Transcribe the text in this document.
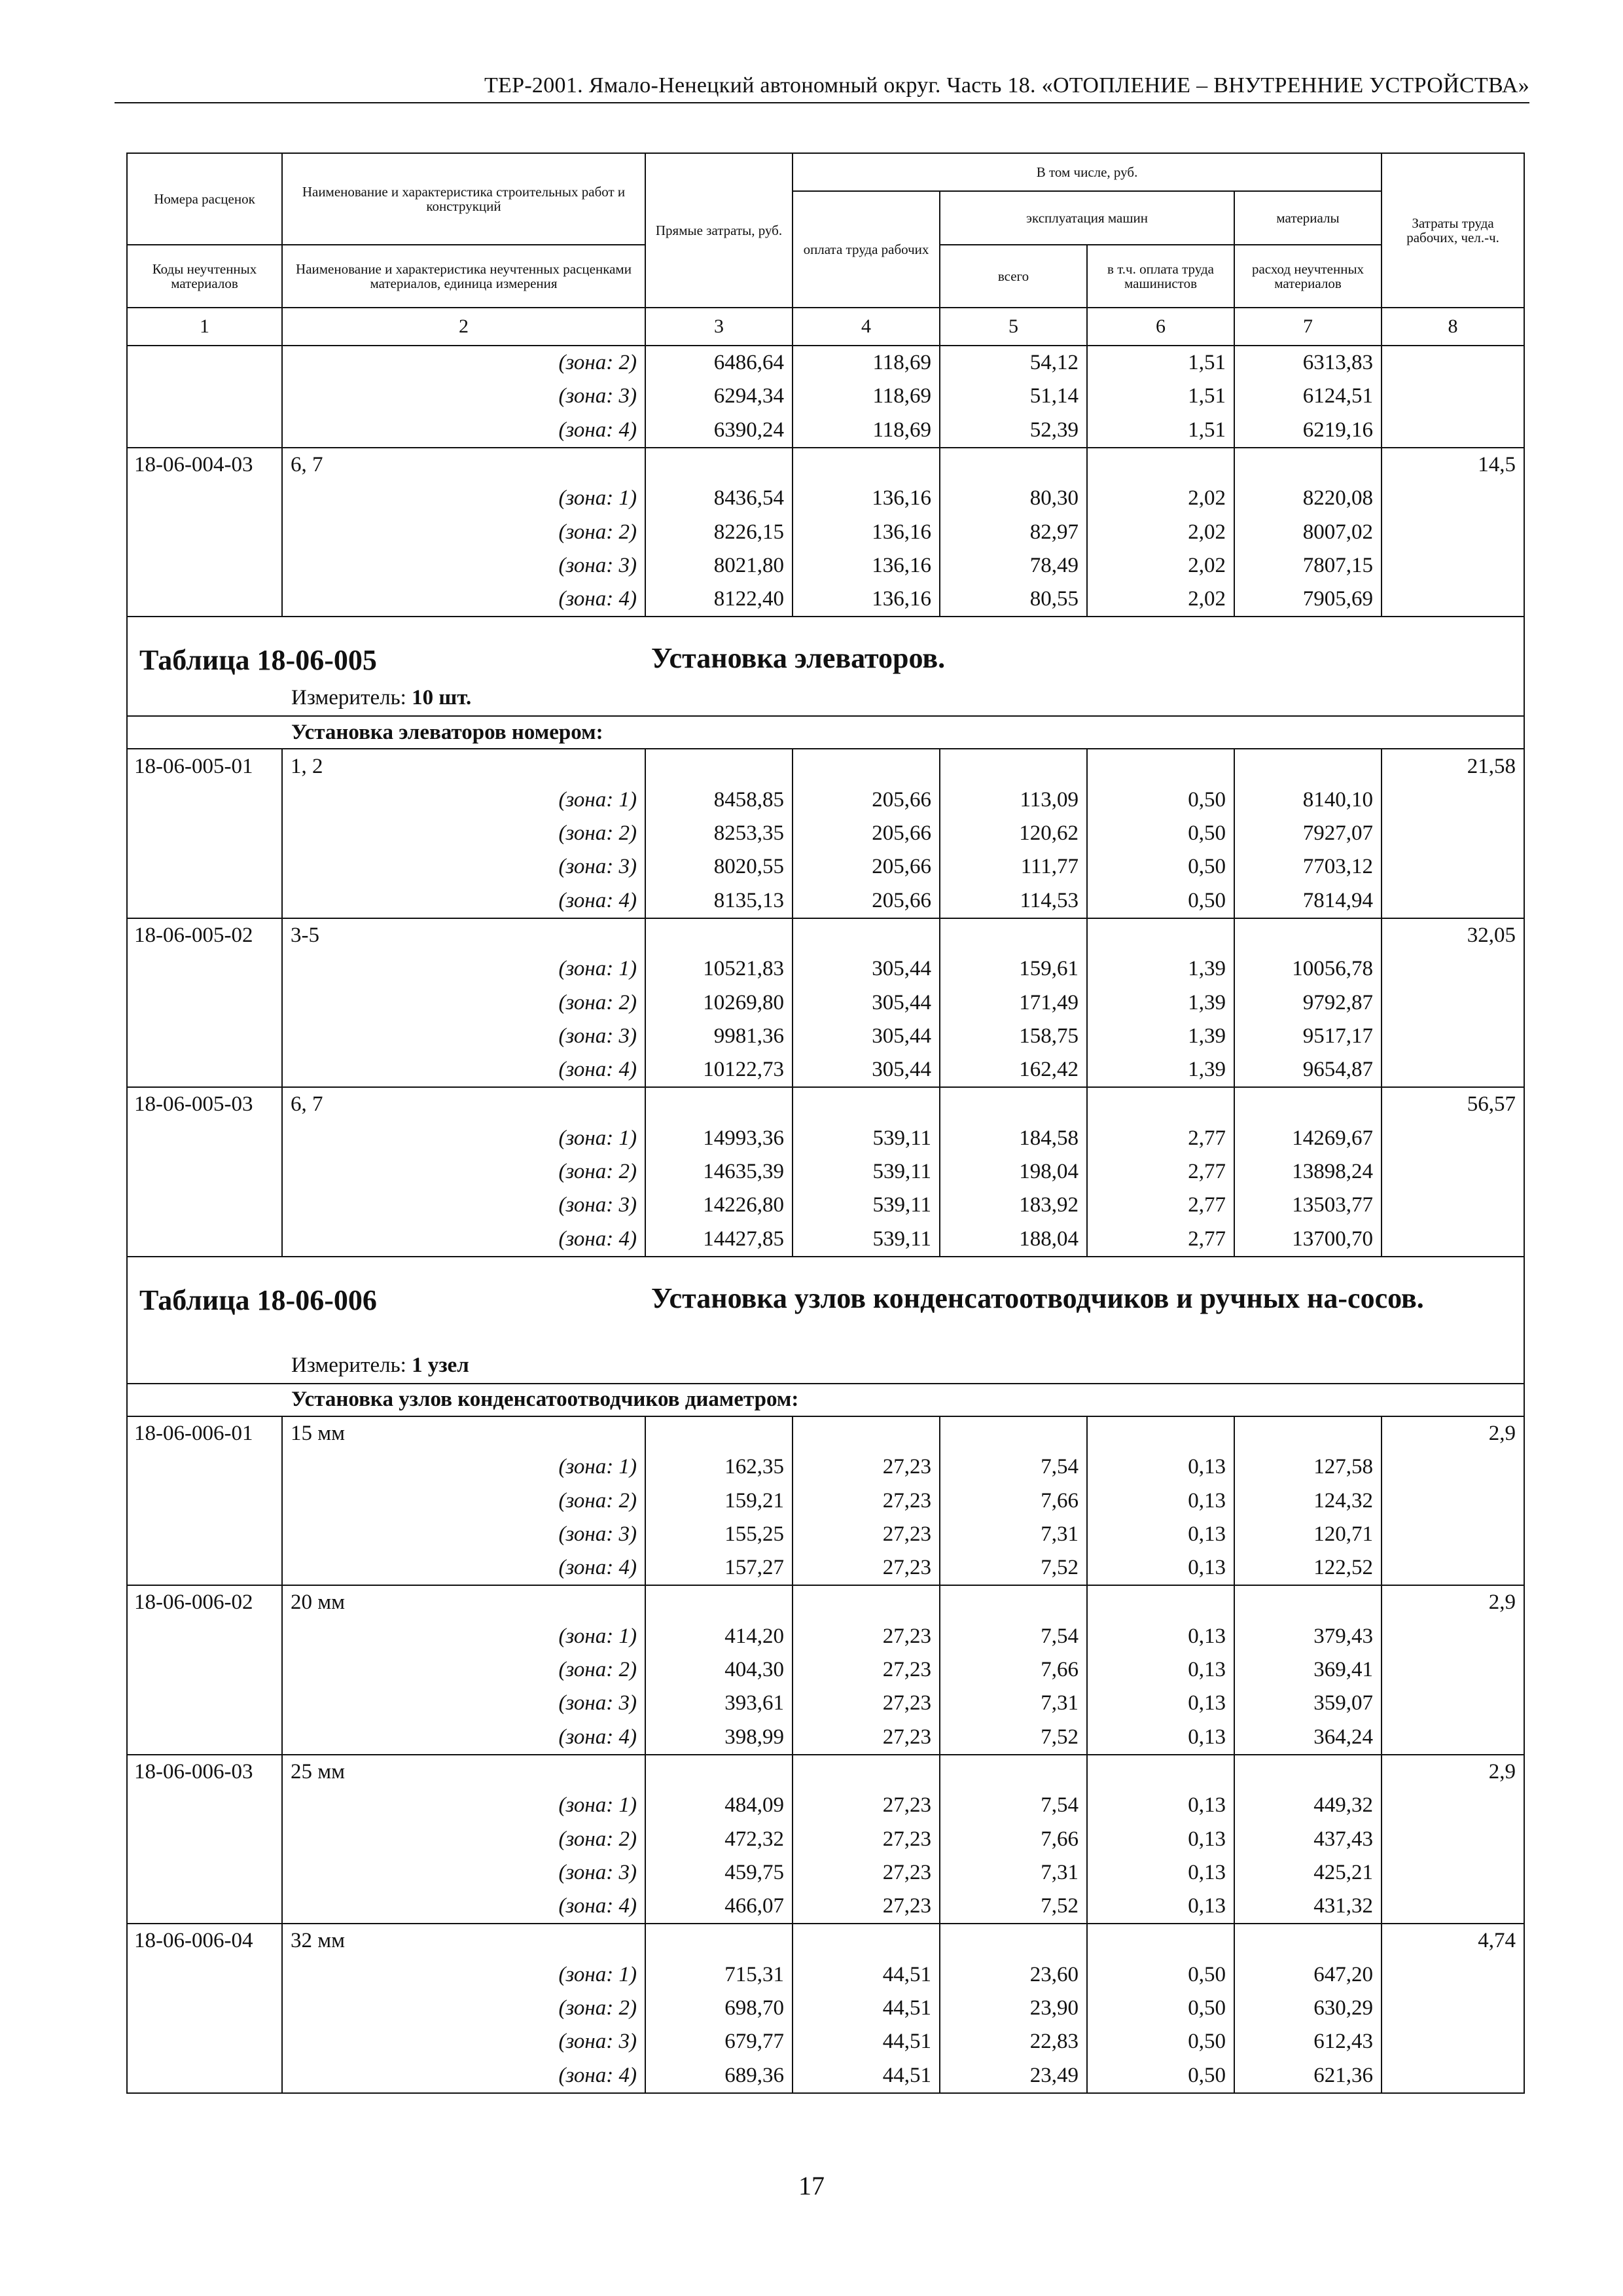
ТЕР-2001. Ямало-Ненецкий автономный округ. Часть 18. «ОТОПЛЕНИЕ – ВНУТРЕННИЕ УСТРОЙСТВА»
Номера расценок	Наименование и характеристика строительных работ и конструкций	Прямые затраты, руб.	В том числе, руб.				Затраты труда рабочих, чел.-ч.
			оплата труда рабочих	эксплуатация машин		материалы	
Коды неучтенных материалов	Наименование и характеристика неучтенных расценками материалов, единица измерения			всего	в т.ч. оплата труда машинистов	расход неучтенных материалов	
1	2	3	4	5	6	7	8
	(зона: 2)	6486,64	118,69	54,12	1,51	6313,83	
	(зона: 3)	6294,34	118,69	51,14	1,51	6124,51	
	(зона: 4)	6390,24	118,69	52,39	1,51	6219,16	
18-06-004-03	6, 7						14,5
	(зона: 1)	8436,54	136,16	80,30	2,02	8220,08	
	(зона: 2)	8226,15	136,16	82,97	2,02	8007,02	
	(зона: 3)	8021,80	136,16	78,49	2,02	7807,15	
	(зона: 4)	8122,40	136,16	80,55	2,02	7905,69	

Таблица 18-06-005 Установка элеваторов.
Измеритель: 10 шт.							

Установка элеваторов номером:							
18-06-005-01	1, 2						21,58
	(зона: 1)	8458,85	205,66	113,09	0,50	8140,10	
	(зона: 2)	8253,35	205,66	120,62	0,50	7927,07	
	(зона: 3)	8020,55	205,66	111,77	0,50	7703,12	
	(зона: 4)	8135,13	205,66	114,53	0,50	7814,94	
18-06-005-02	3-5						32,05
	(зона: 1)	10521,83	305,44	159,61	1,39	10056,78	
	(зона: 2)	10269,80	305,44	171,49	1,39	9792,87	
	(зона: 3)	9981,36	305,44	158,75	1,39	9517,17	
	(зона: 4)	10122,73	305,44	162,42	1,39	9654,87	
18-06-005-03	6, 7						56,57
	(зона: 1)	14993,36	539,11	184,58	2,77	14269,67	
	(зона: 2)	14635,39	539,11	198,04	2,77	13898,24	
	(зона: 3)	14226,80	539,11	183,92	2,77	13503,77	
	(зона: 4)	14427,85	539,11	188,04	2,77	13700,70	

Таблица 18-06-006 Установка узлов конденсатоотводчиков и ручных на-сосов.
Измеритель: 1 узел							

Установка узлов конденсатоотводчиков диаметром:							
18-06-006-01	15 мм						2,9
	(зона: 1)	162,35	27,23	7,54	0,13	127,58	
	(зона: 2)	159,21	27,23	7,66	0,13	124,32	
	(зона: 3)	155,25	27,23	7,31	0,13	120,71	
	(зона: 4)	157,27	27,23	7,52	0,13	122,52	
18-06-006-02	20 мм						2,9
	(зона: 1)	414,20	27,23	7,54	0,13	379,43	
	(зона: 2)	404,30	27,23	7,66	0,13	369,41	
	(зона: 3)	393,61	27,23	7,31	0,13	359,07	
	(зона: 4)	398,99	27,23	7,52	0,13	364,24	
18-06-006-03	25 мм						2,9
	(зона: 1)	484,09	27,23	7,54	0,13	449,32	
	(зона: 2)	472,32	27,23	7,66	0,13	437,43	
	(зона: 3)	459,75	27,23	7,31	0,13	425,21	
	(зона: 4)	466,07	27,23	7,52	0,13	431,32	
18-06-006-04	32 мм						4,74
	(зона: 1)	715,31	44,51	23,60	0,50	647,20	
	(зона: 2)	698,70	44,51	23,90	0,50	630,29	
	(зона: 3)	679,77	44,51	22,83	0,50	612,43	
	(зона: 4)	689,36	44,51	23,49	0,50	621,36	
17
